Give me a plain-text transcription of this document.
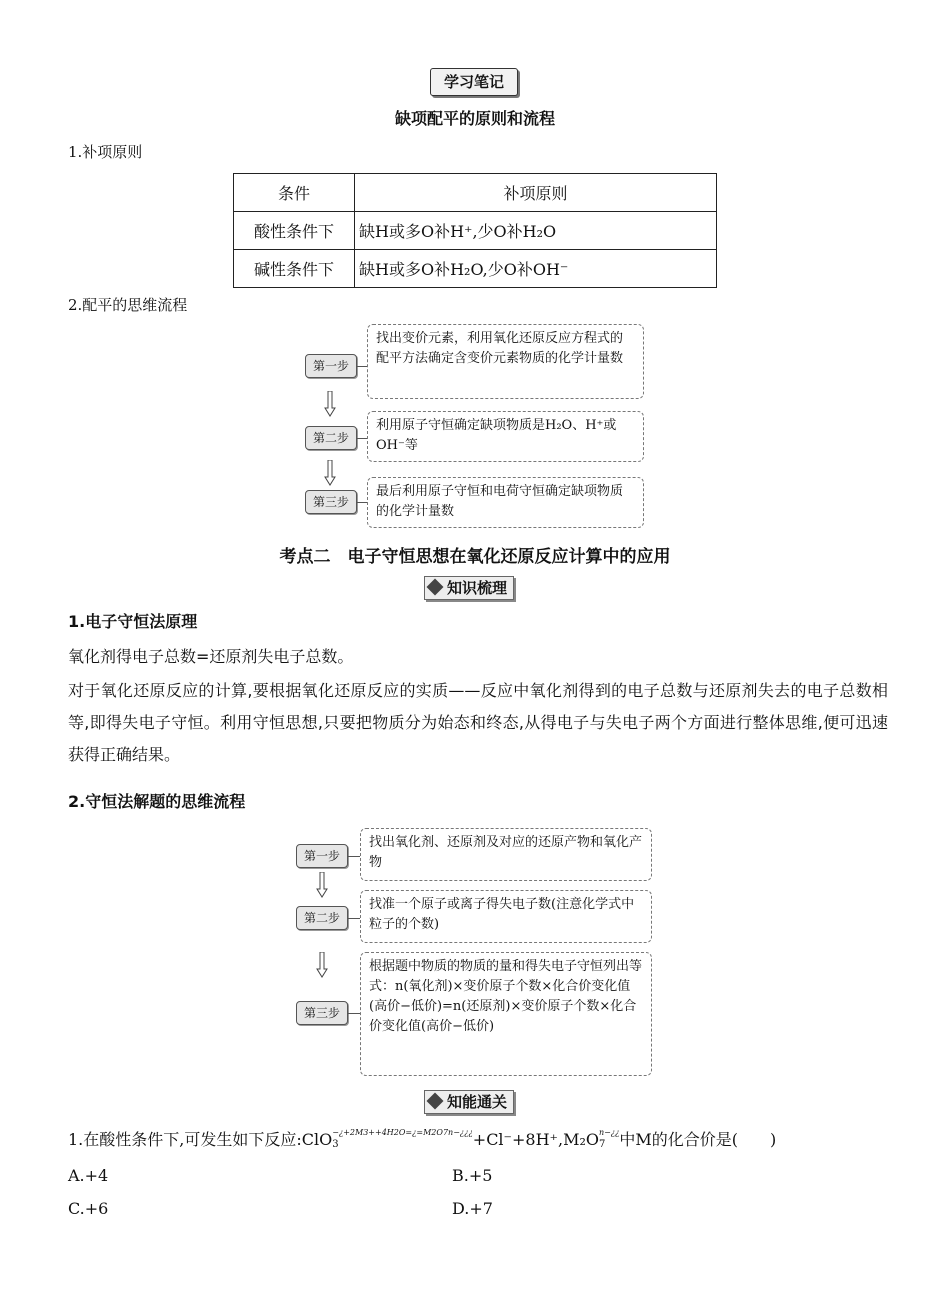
学习笔记
缺项配平的原则和流程
1.补项原则
条件	补项原则
酸性条件下	缺H或多O补H⁺,少O补H₂O
碱性条件下	缺H或多O补H₂O,少O补OH⁻
2.配平的思维流程
第一步
找出变价元素，利用氧化还原反应方程式的配平方法确定含变价元素物质的化学计量数
第二步
利用原子守恒确定缺项物质是H₂O、H⁺或OH⁻等
第三步
最后利用原子守恒和电荷守恒确定缺项物质的化学计量数
考点二　电子守恒思想在氧化还原反应计算中的应用
知识梳理
1.电子守恒法原理
氧化剂得电子总数=还原剂失电子总数。
对于氧化还原反应的计算,要根据氧化还原反应的实质——反应中氧化剂得到的电子总数与还原剂失去的电子总数相等,即得失电子守恒。利用守恒思想,只要把物质分为始态和终态,从得电子与失电子两个方面进行整体思维,便可迅速获得正确结果。
2.守恒法解题的思维流程
第一步
找出氧化剂、还原剂及对应的还原产物和氧化产物
第二步
找准一个原子或离子得失电子数(注意化学式中粒子的个数)
第三步
根据题中物质的物质的量和得失电子守恒列出等式：n(氧化剂)×变价原子个数×化合价变化值(高价−低价)=n(还原剂)×变价原子个数×化合价变化值(高价−低价)
知能通关
1.在酸性条件下,可发生如下反应:ClO −¿+2M3++4H2O=¿=M2O7n−¿¿¿
3	+Cl⁻+8H⁺,M₂O n−¿¿
7 中M的化合价是(　　)
A.+4	B.+5
C.+6	D.+7
